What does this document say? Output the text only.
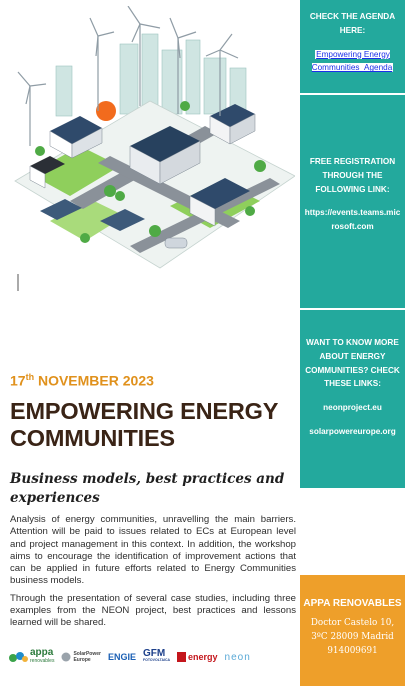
17th NOVEMBER 2023
EMPOWERING ENERGY COMMUNITIES
Business models, best practices and experiences

Analysis of energy communities, unravelling the main barriers. Attention will be paid to issues related to ECs at European level and project management in this context. In addition, the workshop aims to encourage the identification of improvement actions that can be applied in future efforts related to Energy Communities business models.

Through the presentation of several case studies, including three examples from the NEON project, best practices and lessons learned will be shared.

appa
renovables
SolarPower
Europe	ENGIE GFM
FOTOVOLTAICA energy neon
CHECK THE AGENDA HERE:
Empowering Energy Communities_Agenda
FREE REGISTRATION THROUGH THE FOLLOWING LINK:
https://events.teams.microsoft.com
WANT TO KNOW MORE ABOUT ENERGY COMMUNITIES? CHECK THESE LINKS:
neonproject.eu
solarpowereurope.org
APPA RENOVABLES
Doctor Castelo 10,
3ºC 28009 Madrid
914009691
